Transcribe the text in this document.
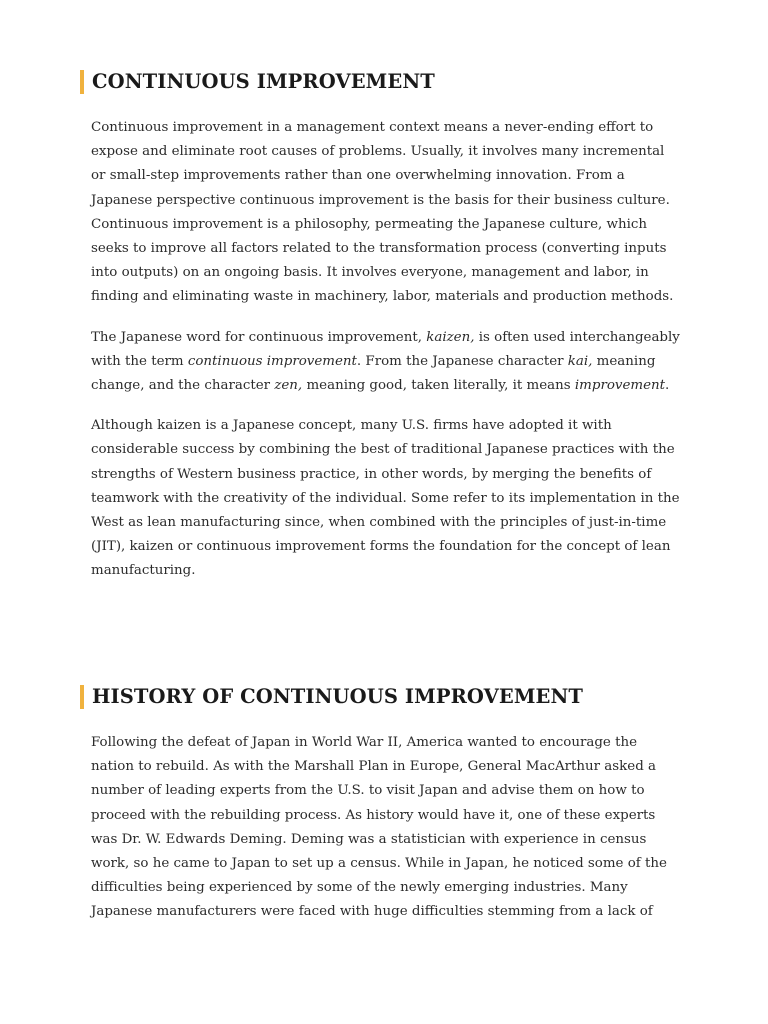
CONTINUOUS IMPROVEMENT

Continuous improvement in a management context means a never-ending effort to expose and eliminate root causes of problems. Usually, it involves many incremental or small-step improvements rather than one overwhelming innovation. From a Japanese perspective continuous improvement is the basis for their business culture. Continuous improvement is a philosophy, permeating the Japanese culture, which seeks to improve all factors related to the transformation process (converting inputs into outputs) on an ongoing basis. It involves everyone, management and labor, in finding and eliminating waste in machinery, labor, materials and production methods.

The Japanese word for continuous improvement, kaizen, is often used interchangeably with the term continuous improvement. From the Japanese character kai, meaning change, and the character zen, meaning good, taken literally, it means improvement.

Although kaizen is a Japanese concept, many U.S. firms have adopted it with considerable success by combining the best of traditional Japanese practices with the strengths of Western business practice, in other words, by merging the benefits of teamwork with the creativity of the individual. Some refer to its implementation in the West as lean manufacturing since, when combined with the principles of just-in-time (JIT), kaizen or continuous improvement forms the foundation for the concept of lean manufacturing.

HISTORY OF CONTINUOUS IMPROVEMENT

Following the defeat of Japan in World War II, America wanted to encourage the nation to rebuild. As with the Marshall Plan in Europe, General MacArthur asked a number of leading experts from the U.S. to visit Japan and advise them on how to proceed with the rebuilding process. As history would have it, one of these experts was Dr. W. Edwards Deming. Deming was a statistician with experience in census work, so he came to Japan to set up a census. While in Japan, he noticed some of the difficulties being experienced by some of the newly emerging industries. Many Japanese manufacturers were faced with huge difficulties stemming from a lack of
